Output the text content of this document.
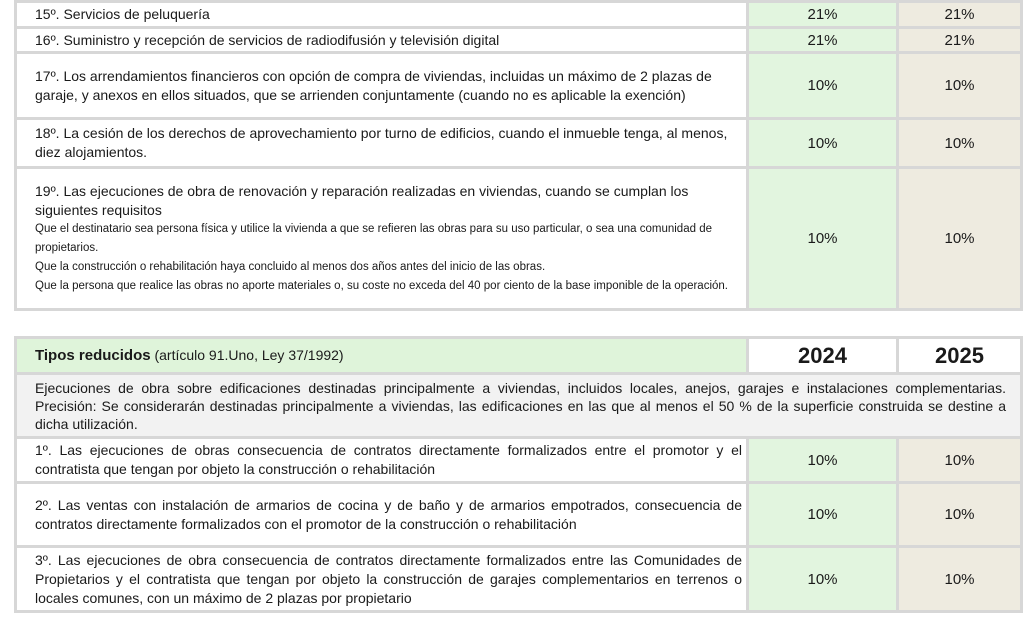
15º. Servicios de peluquería	21%	21%
16º. Suministro y recepción de servicios de radiodifusión y televisión digital	21%	21%
17º. Los arrendamientos financieros con opción de compra de viviendas, incluidas un máximo de 2 plazas de garaje, y anexos en ellos situados, que se arrienden conjuntamente (cuando no es aplicable la exención)	10%	10%
18º. La cesión de los derechos de aprovechamiento por turno de edificios, cuando el inmueble tenga, al menos, diez alojamientos.	10%	10%
19º. Las ejecuciones de obra de renovación y reparación realizadas en viviendas, cuando se cumplan los siguientes requisitos
Que el destinatario sea persona física y utilice la vivienda a que se refieren las obras para su uso particular, o sea una comunidad de propietarios.
Que la construcción o rehabilitación haya concluido al menos dos años antes del inicio de las obras.
Que la persona que realice las obras no aporte materiales o, su coste no exceda del 40 por ciento de la base imponible de la operación.	10%	10%
Tipos reducidos (artículo 91.Uno, Ley 37/1992)	2024	2025
Ejecuciones de obra sobre edificaciones destinadas principalmente a viviendas, incluidos locales, anejos, garajes e instalaciones complementarias. Precisión: Se considerarán destinadas principalmente a viviendas, las edificaciones en las que al menos el 50 % de la superficie construida se destine a dicha utilización.		
1º. Las ejecuciones de obras consecuencia de contratos directamente formalizados entre el promotor y el contratista que tengan por objeto la construcción o rehabilitación	10%	10%
2º. Las ventas con instalación de armarios de cocina y de baño y de armarios empotrados, consecuencia de contratos directamente formalizados con el promotor de la construcción o rehabilitación	10%	10%
3º. Las ejecuciones de obra consecuencia de contratos directamente formalizados entre las Comunidades de Propietarios y el contratista que tengan por objeto la construcción de garajes complementarios en terrenos o locales comunes, con un máximo de 2 plazas por propietario	10%	10%
